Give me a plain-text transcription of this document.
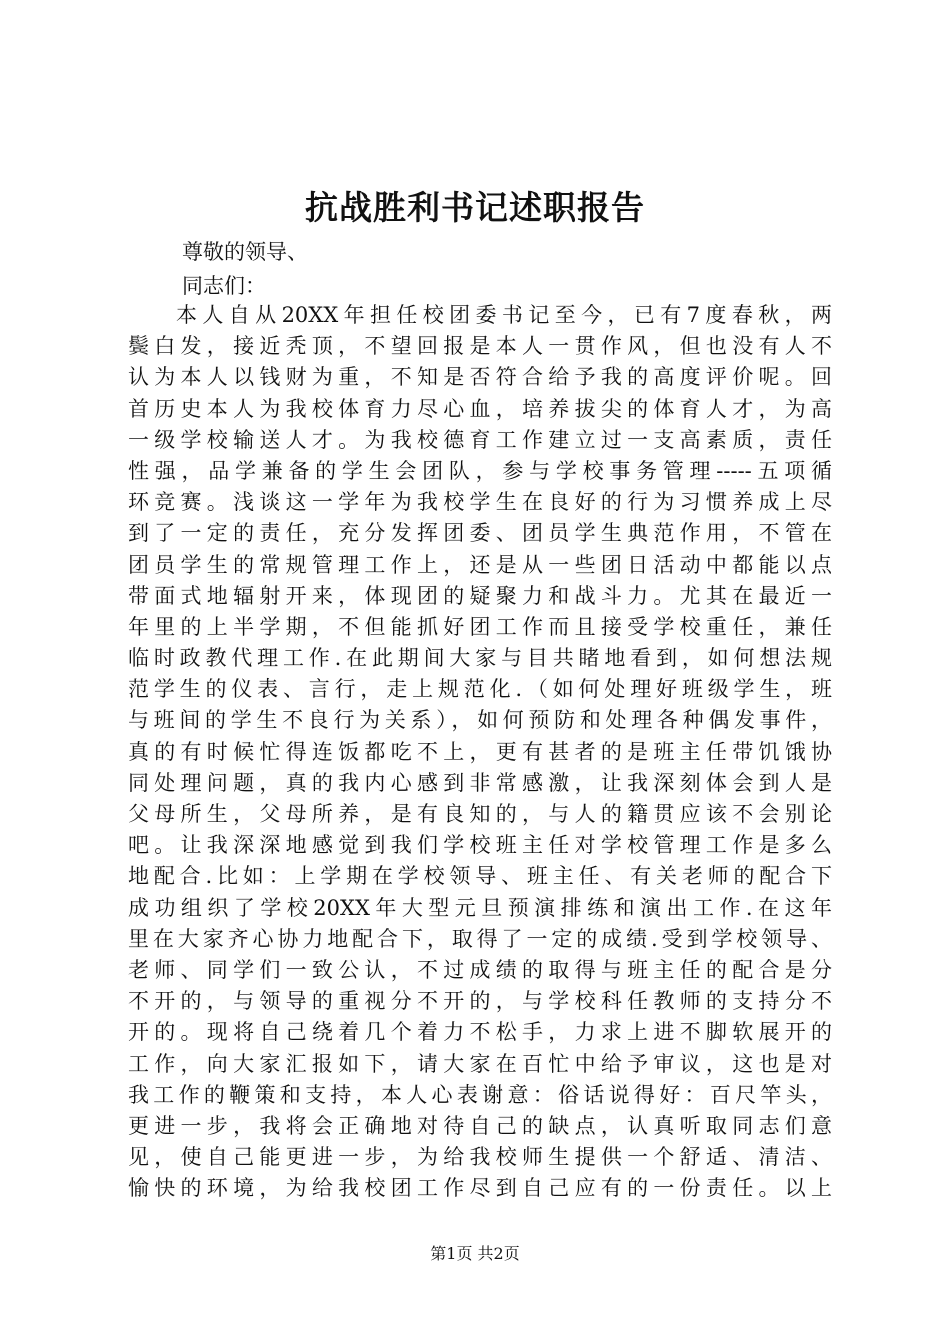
抗战胜利书记述职报告
尊敬的领导、
同志们：
本人自从20XX年担任校团委书记至今，已有7度春秋，两
鬓白发，接近秃顶，不望回报是本人一贯作风，但也没有人不
认为本人以钱财为重，不知是否符合给予我的高度评价呢。回
首历史本人为我校体育力尽心血，培养拔尖的体育人才，为高
一级学校输送人才。为我校德育工作建立过一支高素质，责任
性强，品学兼备的学生会团队，参与学校事务管理-----五项循
环竞赛。浅谈这一学年为我校学生在良好的行为习惯养成上尽
到了一定的责任，充分发挥团委、团员学生典范作用，不管在
团员学生的常规管理工作上，还是从一些团日活动中都能以点
带面式地辐射开来，体现团的疑聚力和战斗力。尤其在最近一
年里的上半学期，不但能抓好团工作而且接受学校重任，兼任
临时政教代理工作.在此期间大家与目共睹地看到，如何想法规
范学生的仪表、言行，走上规范化.（如何处理好班级学生，班
与班间的学生不良行为关系），如何预防和处理各种偶发事件，
真的有时候忙得连饭都吃不上，更有甚者的是班主任带饥饿协
同处理问题，真的我内心感到非常感激，让我深刻体会到人是
父母所生，父母所养，是有良知的，与人的籍贯应该不会别论
吧。让我深深地感觉到我们学校班主任对学校管理工作是多么
地配合.比如：上学期在学校领导、班主任、有关老师的配合下
成功组织了学校20XX年大型元旦预演排练和演出工作.在这年
里在大家齐心协力地配合下，取得了一定的成绩.受到学校领导、
老师、同学们一致公认，不过成绩的取得与班主任的配合是分
不开的，与领导的重视分不开的，与学校科任教师的支持分不
开的。现将自己绕着几个着力不松手，力求上进不脚软展开的
工作，向大家汇报如下，请大家在百忙中给予审议，这也是对
我工作的鞭策和支持，本人心表谢意：俗话说得好：百尺竿头，
更进一步，我将会正确地对待自己的缺点，认真听取同志们意
见，使自己能更进一步，为给我校师生提供一个舒适、清洁、
愉快的环境，为给我校团工作尽到自己应有的一份责任。以上
第1页 共2页
